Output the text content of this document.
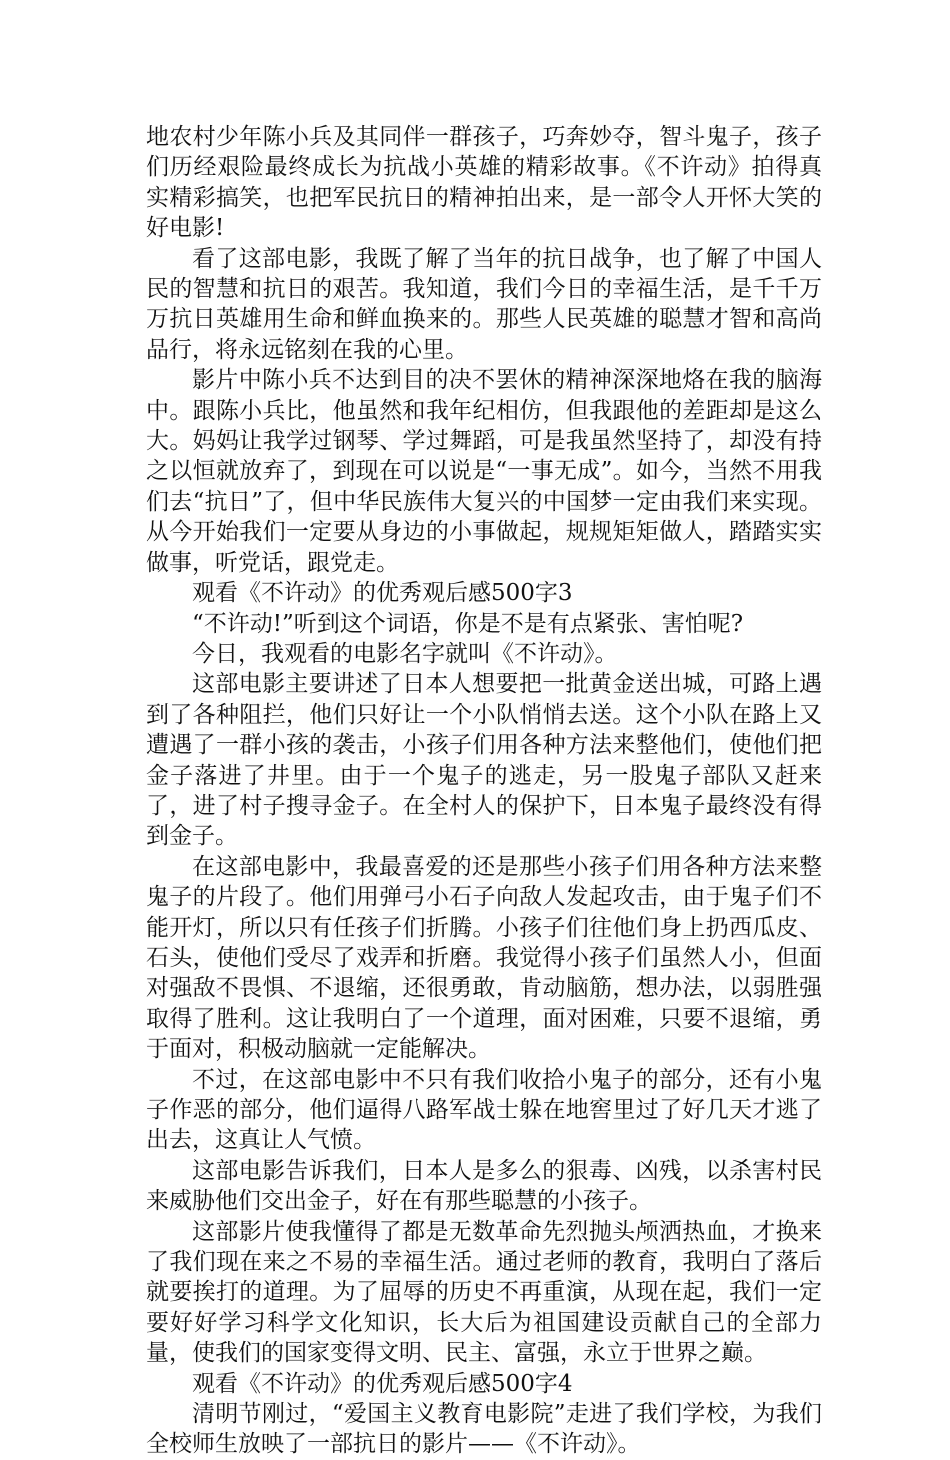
地农村少年陈小兵及其同伴一群孩子，巧奔妙夺，智斗鬼子，孩子们历经艰险最终成长为抗战小英雄的精彩故事。《不许动》拍得真实精彩搞笑，也把军民抗日的精神拍出来，是一部令人开怀大笑的好电影!

看了这部电影，我既了解了当年的抗日战争，也了解了中国人民的智慧和抗日的艰苦。我知道，我们今日的幸福生活，是千千万万抗日英雄用生命和鲜血换来的。那些人民英雄的聪慧才智和高尚品行，将永远铭刻在我的心里。

影片中陈小兵不达到目的决不罢休的精神深深地烙在我的脑海中。跟陈小兵比，他虽然和我年纪相仿，但我跟他的差距却是这么大。妈妈让我学过钢琴、学过舞蹈，可是我虽然坚持了，却没有持之以恒就放弃了，到现在可以说是“一事无成”。如今，当然不用我们去“抗日”了，但中华民族伟大复兴的中国梦一定由我们来实现。从今开始我们一定要从身边的小事做起，规规矩矩做人，踏踏实实做事，听党话，跟党走。

观看《不许动》的优秀观后感500字3

“不许动!”听到这个词语，你是不是有点紧张、害怕呢?

今日，我观看的电影名字就叫《不许动》。

这部电影主要讲述了日本人想要把一批黄金送出城，可路上遇到了各种阻拦，他们只好让一个小队悄悄去送。这个小队在路上又遭遇了一群小孩的袭击，小孩子们用各种方法来整他们，使他们把金子落进了井里。由于一个鬼子的逃走，另一股鬼子部队又赶来了，进了村子搜寻金子。在全村人的保护下，日本鬼子最终没有得到金子。

在这部电影中，我最喜爱的还是那些小孩子们用各种方法来整鬼子的片段了。他们用弹弓小石子向敌人发起攻击，由于鬼子们不能开灯，所以只有任孩子们折腾。小孩子们往他们身上扔西瓜皮、石头，使他们受尽了戏弄和折磨。我觉得小孩子们虽然人小，但面对强敌不畏惧、不退缩，还很勇敢，肯动脑筋，想办法，以弱胜强取得了胜利。这让我明白了一个道理，面对困难，只要不退缩，勇于面对，积极动脑就一定能解决。

不过，在这部电影中不只有我们收拾小鬼子的部分，还有小鬼子作恶的部分，他们逼得八路军战士躲在地窖里过了好几天才逃了出去，这真让人气愤。

这部电影告诉我们，日本人是多么的狠毒、凶残，以杀害村民来威胁他们交出金子，好在有那些聪慧的小孩子。

这部影片使我懂得了都是无数革命先烈抛头颅洒热血，才换来了我们现在来之不易的幸福生活。通过老师的教育，我明白了落后就要挨打的道理。为了屈辱的历史不再重演，从现在起，我们一定要好好学习科学文化知识，长大后为祖国建设贡献自己的全部力量，使我们的国家变得文明、民主、富强，永立于世界之巅。

观看《不许动》的优秀观后感500字4

清明节刚过，“爱国主义教育电影院”走进了我们学校，为我们全校师生放映了一部抗日的影片——《不许动》。
